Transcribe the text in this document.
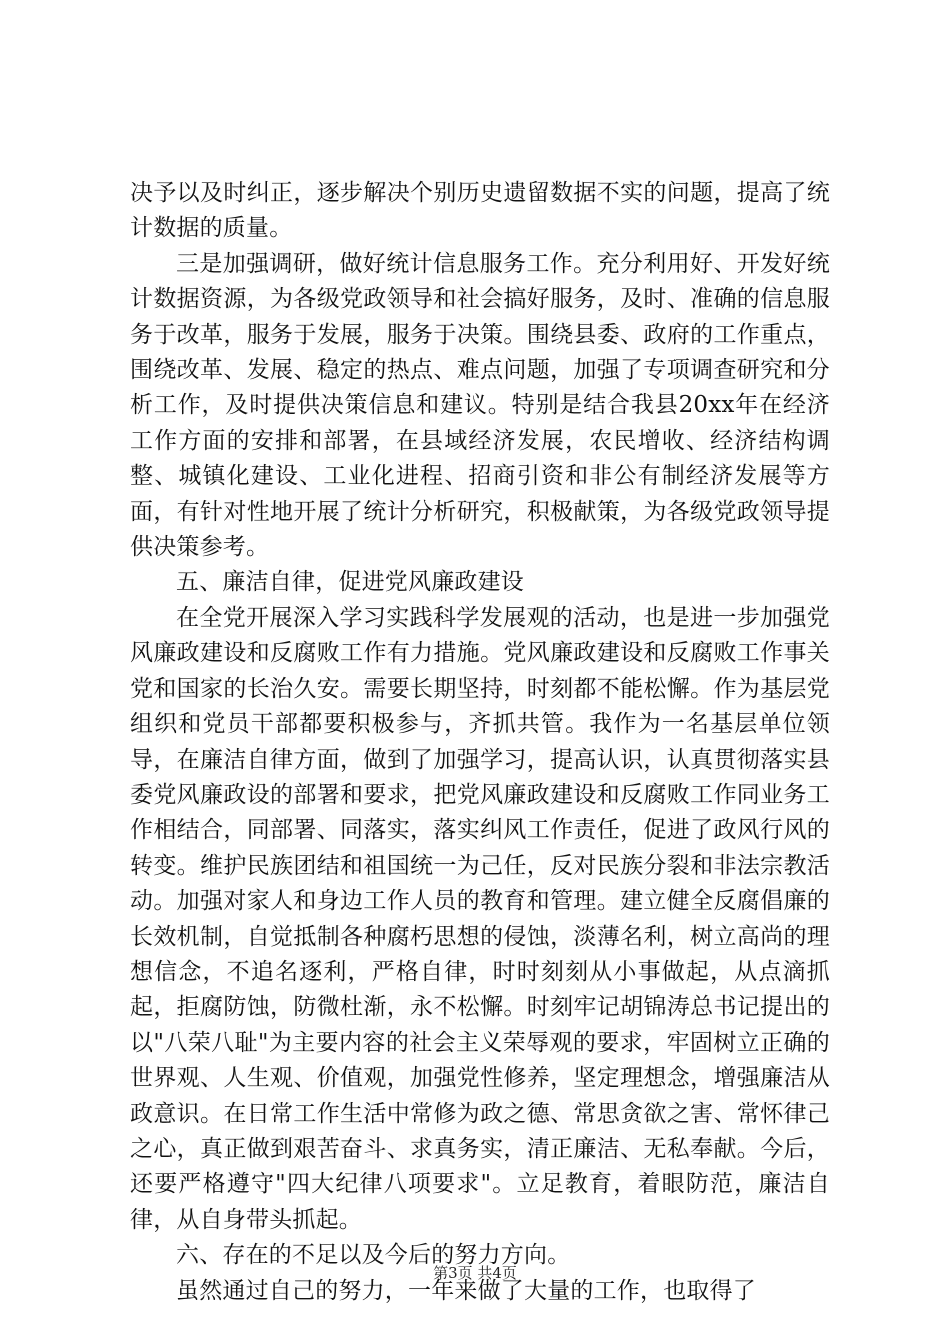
决予以及时纠正，逐步解决个别历史遗留数据不实的问题，提高了统计数据的质量。

三是加强调研，做好统计信息服务工作。充分利用好、开发好统计数据资源，为各级党政领导和社会搞好服务，及时、准确的信息服务于改革，服务于发展，服务于决策。围绕县委、政府的工作重点，围绕改革、发展、稳定的热点、难点问题，加强了专项调查研究和分析工作，及时提供决策信息和建议。特别是结合我县20xx年在经济工作方面的安排和部署，在县域经济发展，农民增收、经济结构调整、城镇化建设、工业化进程、招商引资和非公有制经济发展等方面，有针对性地开展了统计分析研究，积极献策，为各级党政领导提供决策参考。

五、廉洁自律，促进党风廉政建设

在全党开展深入学习实践科学发展观的活动，也是进一步加强党风廉政建设和反腐败工作有力措施。党风廉政建设和反腐败工作事关党和国家的长治久安。需要长期坚持，时刻都不能松懈。作为基层党组织和党员干部都要积极参与，齐抓共管。我作为一名基层单位领导，在廉洁自律方面，做到了加强学习，提高认识，认真贯彻落实县委党风廉政设的部署和要求，把党风廉政建设和反腐败工作同业务工作相结合，同部署、同落实，落实纠风工作责任，促进了政风行风的转变。维护民族团结和祖国统一为己任，反对民族分裂和非法宗教活动。加强对家人和身边工作人员的教育和管理。建立健全反腐倡廉的长效机制，自觉抵制各种腐朽思想的侵蚀，淡薄名利，树立高尚的理想信念，不追名逐利，严格自律，时时刻刻从小事做起，从点滴抓起，拒腐防蚀，防微杜渐，永不松懈。时刻牢记胡锦涛总书记提出的以"八荣八耻"为主要内容的社会主义荣辱观的要求，牢固树立正确的世界观、人生观、价值观，加强党性修养，坚定理想念，增强廉洁从政意识。在日常工作生活中常修为政之德、常思贪欲之害、常怀律己之心，真正做到艰苦奋斗、求真务实，清正廉洁、无私奉献。今后，还要严格遵守"四大纪律八项要求"。立足教育，着眼防范，廉洁自律，从自身带头抓起。

六、存在的不足以及今后的努力方向。

虽然通过自己的努力，一年来做了大量的工作，也取得了

第3页 共4页
